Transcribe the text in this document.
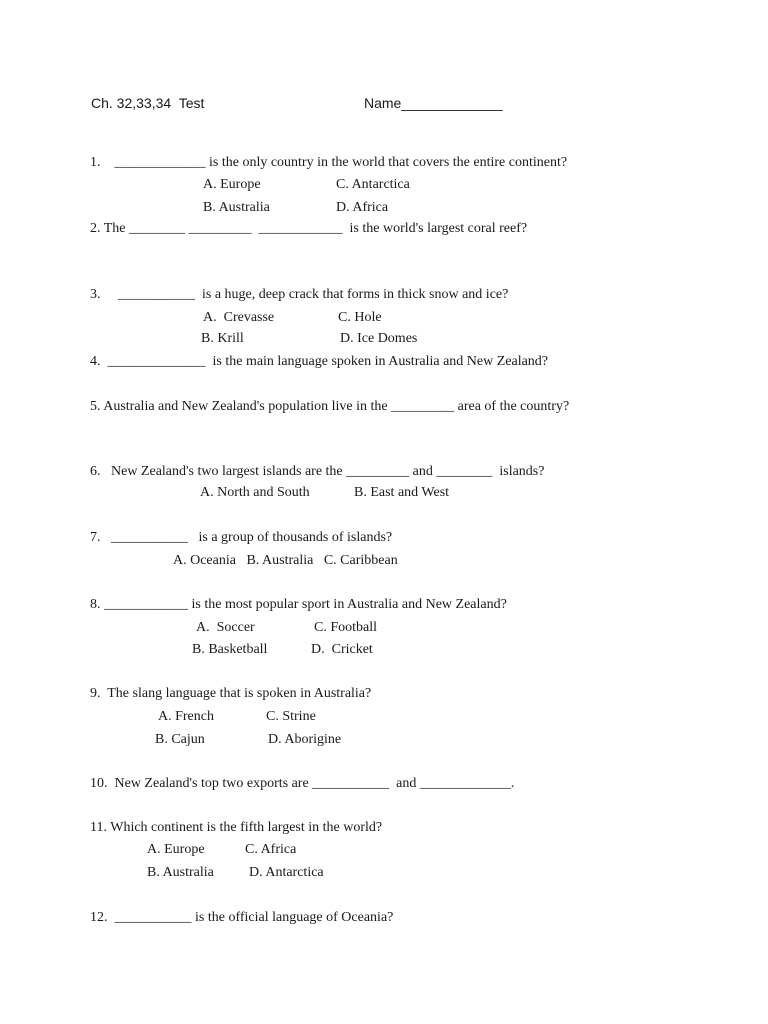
Ch. 32,33,34  Test	Name_____________
1.    _____________ is the only country in the world that covers the entire continent?
A. Europe	C. Antarctica
B. Australia	D. Africa
2. The ________ _________  ____________  is the world's largest coral reef?
3.     ___________  is a huge, deep crack that forms in thick snow and ice?
A.  Crevasse	C. Hole
B. Krill	D. Ice Domes
4.  ______________  is the main language spoken in Australia and New Zealand?
5. Australia and New Zealand's population live in the _________ area of the country?
6.   New Zealand's two largest islands are the _________ and ________  islands?
A. North and South	B. East and West
7.   ___________   is a group of thousands of islands?
A. Oceania   B. Australia   C. Caribbean
8. ____________ is the most popular sport in Australia and New Zealand?
A.  Soccer	C. Football
B. Basketball	D.  Cricket
9.  The slang language that is spoken in Australia?
A. French	C. Strine
B. Cajun	D. Aborigine
10.  New Zealand's top two exports are ___________  and _____________.
11. Which continent is the fifth largest in the world?
A. Europe	C. Africa
B. Australia	D. Antarctica
12.  ___________ is the official language of Oceania?
